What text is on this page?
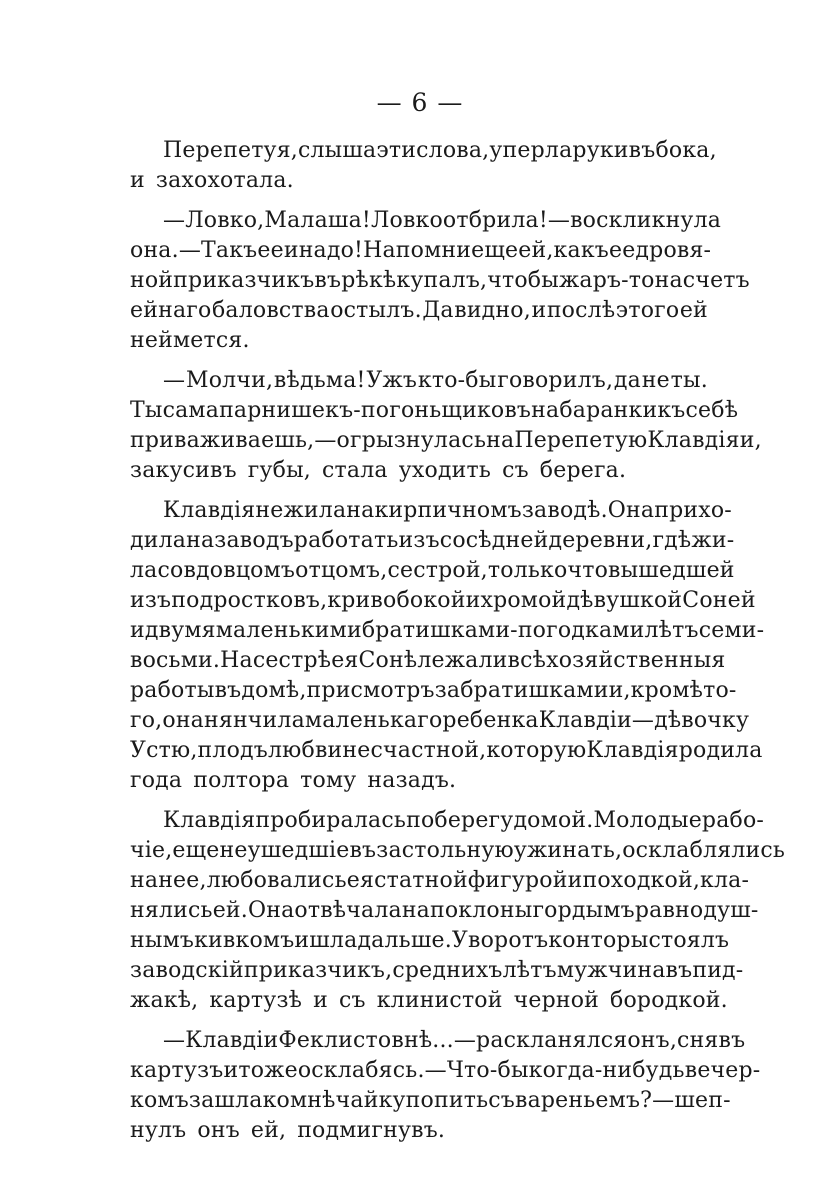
— 6 —
Перепетуя, слыша эти слова, уперла руки въ бока,
и захохотала.
— Ловко, Малаша! Ловко отбрила! — воскликнула
она.—Такъ ее и надо! Напомни еще ей, какъ ее дровя-
ной приказчикъ въ рѣкѣ купалъ, чтобы жаръ-то насчетъ
ейнаго баловства остылъ. Да видно, и послѣ этого ей
неймется.
— Молчи, вѣдьма! Ужъ кто-бы говорилъ, да не ты.
Ты сама парнишекъ-погоньщиковъ на баранки къ себѣ
приваживаешь,—огрызнулась на Перепетую Клавдія и,
закусивъ губы, стала уходить съ берега.
Клавдія не жила на кирпичномъ заводѣ. Она прихо-
дила на заводъ работать изъ сосѣдней деревни, гдѣ жи-
ла со вдовцомъ отцомъ, сестрой, только что вышедшей
изъ подростковъ, кривобокой и хромой дѣвушкой Соней
и двумя маленькими братишками-погодками лѣтъ семи-
восьми. На сестрѣ ея Сонѣ лежали всѣ хозяйственныя
работы въ домѣ, присмотръ за братишками и, кромѣ то-
го, она нянчила маленькаго ребенка Клавдіи—дѣвочку
Устю, плодъ любви несчастной, которую Клавдія родила
года полтора тому назадъ.
Клавдія пробиралась по берегу домой. Молодые рабо-
чіе, еще не ушедшіе въ застольную ужинать, осклаблялись
на нее, любовались ея статной фигурой и походкой, кла-
нялись ей. Она отвѣчала на поклоны гордымъ равнодуш-
нымъ кивкомъ и шла дальше. У воротъ конторы стоялъ
заводскій приказчикъ, среднихъ лѣтъ мужчина въ пид-
жакѣ, картузѣ и съ клинистой черной бородкой.
— Клавдіи Феклистовнѣ...—раскланялся онъ, снявъ
картузъ и тоже осклабясь.—Что-бы когда-нибудь вечер-
комъ зашла ко мнѣ чайку попить съ вареньемъ?—шеп-
нулъ онъ ей, подмигнувъ.
